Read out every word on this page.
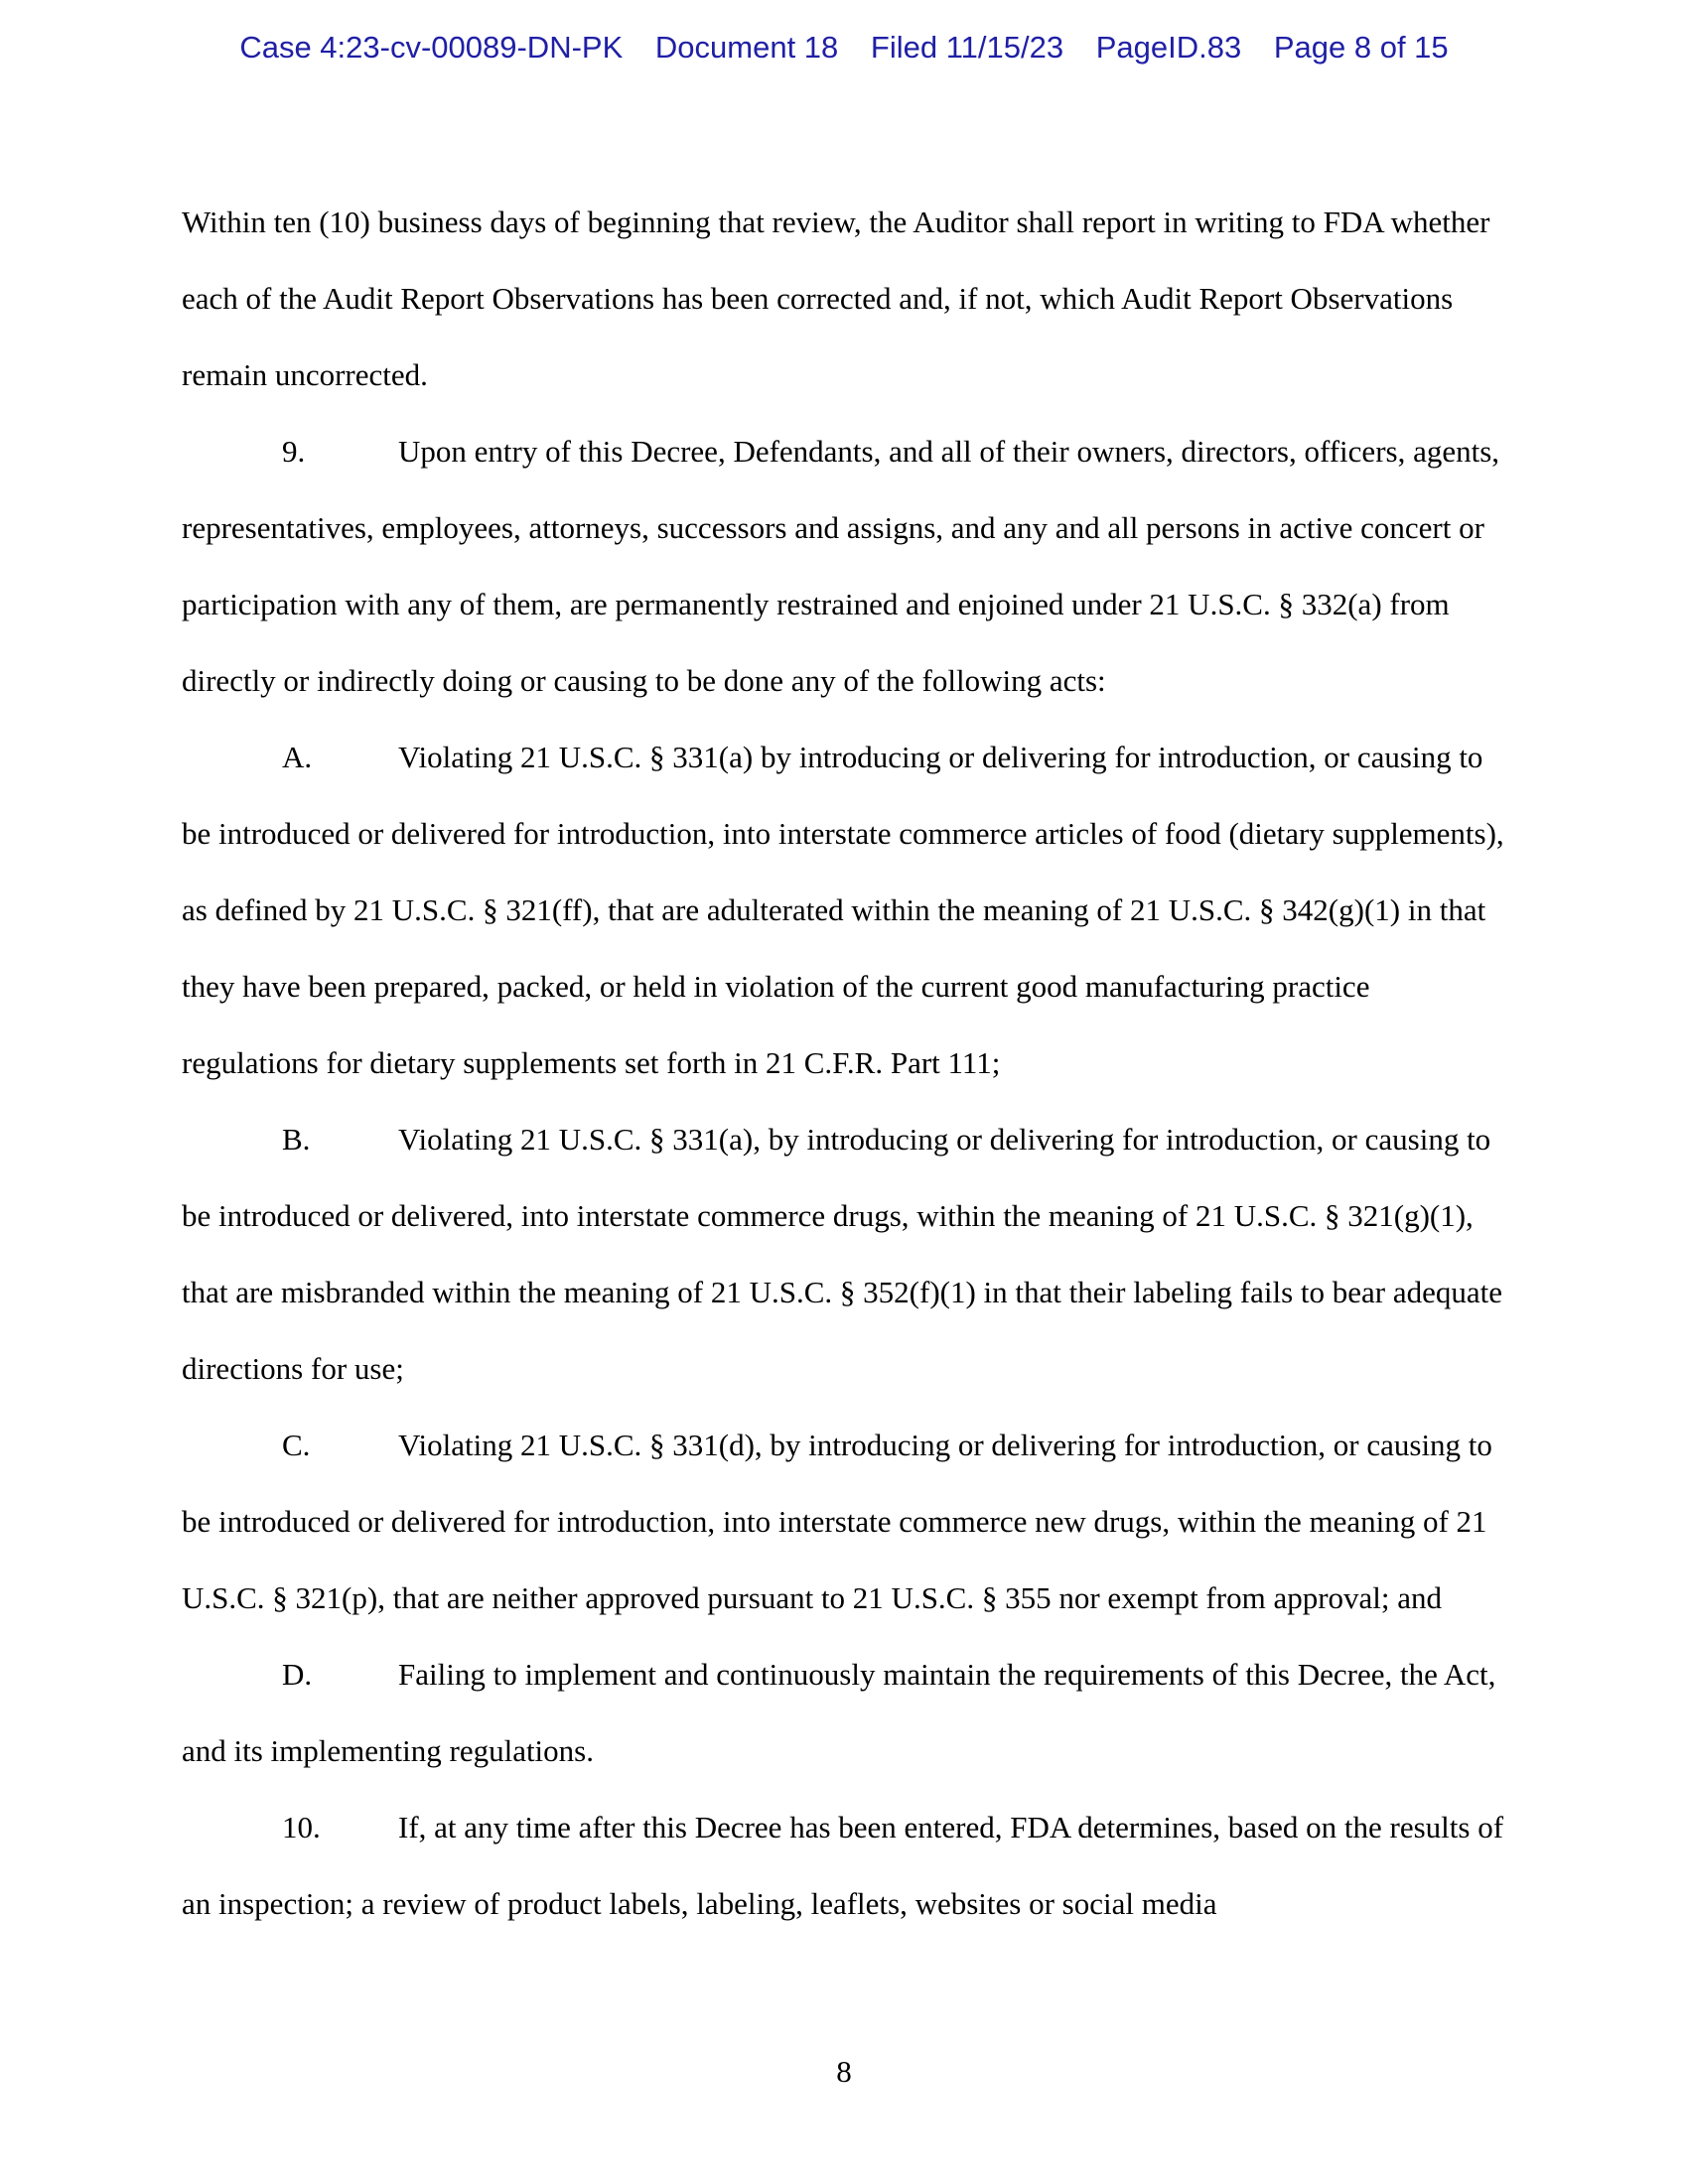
Case 4:23-cv-00089-DN-PK Document 18 Filed 11/15/23 PageID.83 Page 8 of 15

Within ten (10) business days of beginning that review, the Auditor shall report in writing to FDA whether each of the Audit Report Observations has been corrected and, if not, which Audit Report Observations remain uncorrected.

9.	Upon entry of this Decree, Defendants, and all of their owners, directors, officers, agents, representatives, employees, attorneys, successors and assigns, and any and all persons in active concert or participation with any of them, are permanently restrained and enjoined under 21 U.S.C. § 332(a) from directly or indirectly doing or causing to be done any of the following acts:

A.	Violating 21 U.S.C. § 331(a) by introducing or delivering for introduction, or causing to be introduced or delivered for introduction, into interstate commerce articles of food (dietary supplements), as defined by 21 U.S.C. § 321(ff), that are adulterated within the meaning of 21 U.S.C. § 342(g)(1) in that they have been prepared, packed, or held in violation of the current good manufacturing practice regulations for dietary supplements set forth in 21 C.F.R. Part 111;

B.	Violating 21 U.S.C. § 331(a), by introducing or delivering for introduction, or causing to be introduced or delivered, into interstate commerce drugs, within the meaning of 21 U.S.C. § 321(g)(1), that are misbranded within the meaning of 21 U.S.C. § 352(f)(1) in that their labeling fails to bear adequate directions for use;

C.	Violating 21 U.S.C. § 331(d), by introducing or delivering for introduction, or causing to be introduced or delivered for introduction, into interstate commerce new drugs, within the meaning of 21 U.S.C. § 321(p), that are neither approved pursuant to 21 U.S.C. § 355 nor exempt from approval; and

D.	Failing to implement and continuously maintain the requirements of this Decree, the Act, and its implementing regulations.

10.	If, at any time after this Decree has been entered, FDA determines, based on the results of an inspection; a review of product labels, labeling, leaflets, websites or social media

8
